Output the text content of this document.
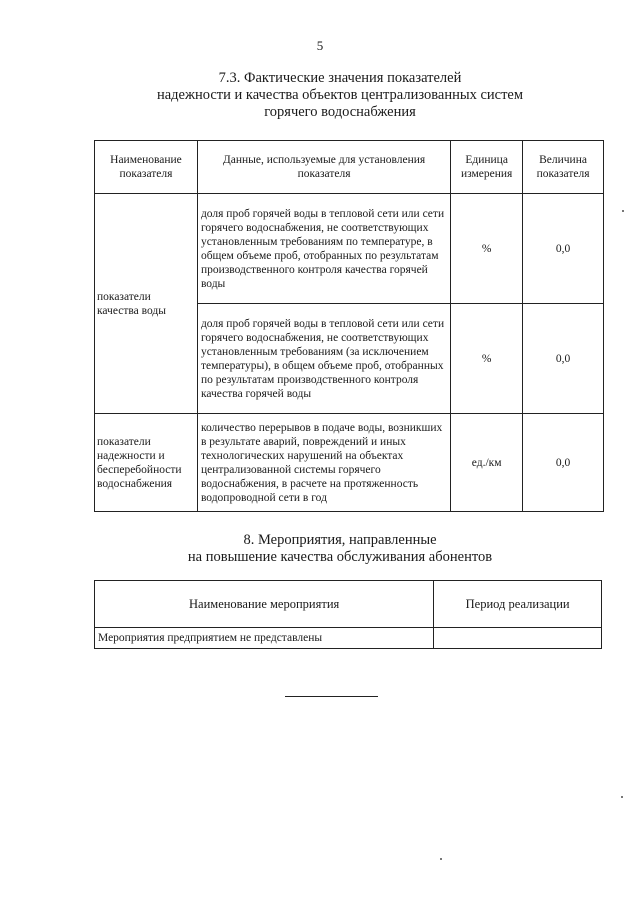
5
7.3. Фактические значения показателей
надежности и качества объектов централизованных систем
горячего водоснабжения
Наименование показателя	Данные, используемые для установления показателя	Единица измерения	Величина показателя
показатели качества воды	доля проб горячей воды в тепловой сети или сети горячего водоснабжения, не соответствующих установленным требованиям по температуре, в общем объеме проб, отобранных по результатам производственного контроля качества горячей воды	%	0,0
	доля проб горячей воды в тепловой сети или сети горячего водоснабжения, не соответствующих установленным требованиям (за исключением температуры), в общем объеме проб, отобранных по результатам производственного контроля качества горячей воды	%	0,0
показатели надежности и бесперебойности водоснабжения	количество перерывов в подаче воды, возникших в результате аварий, повреждений и иных технологических нарушений на объектах централизованной системы горячего водоснабжения, в расчете на протяженность водопроводной сети в год	ед./км	0,0
8. Мероприятия, направленные
на повышение качества обслуживания абонентов
Наименование мероприятия	Период реализации
Мероприятия предприятием не представлены	
